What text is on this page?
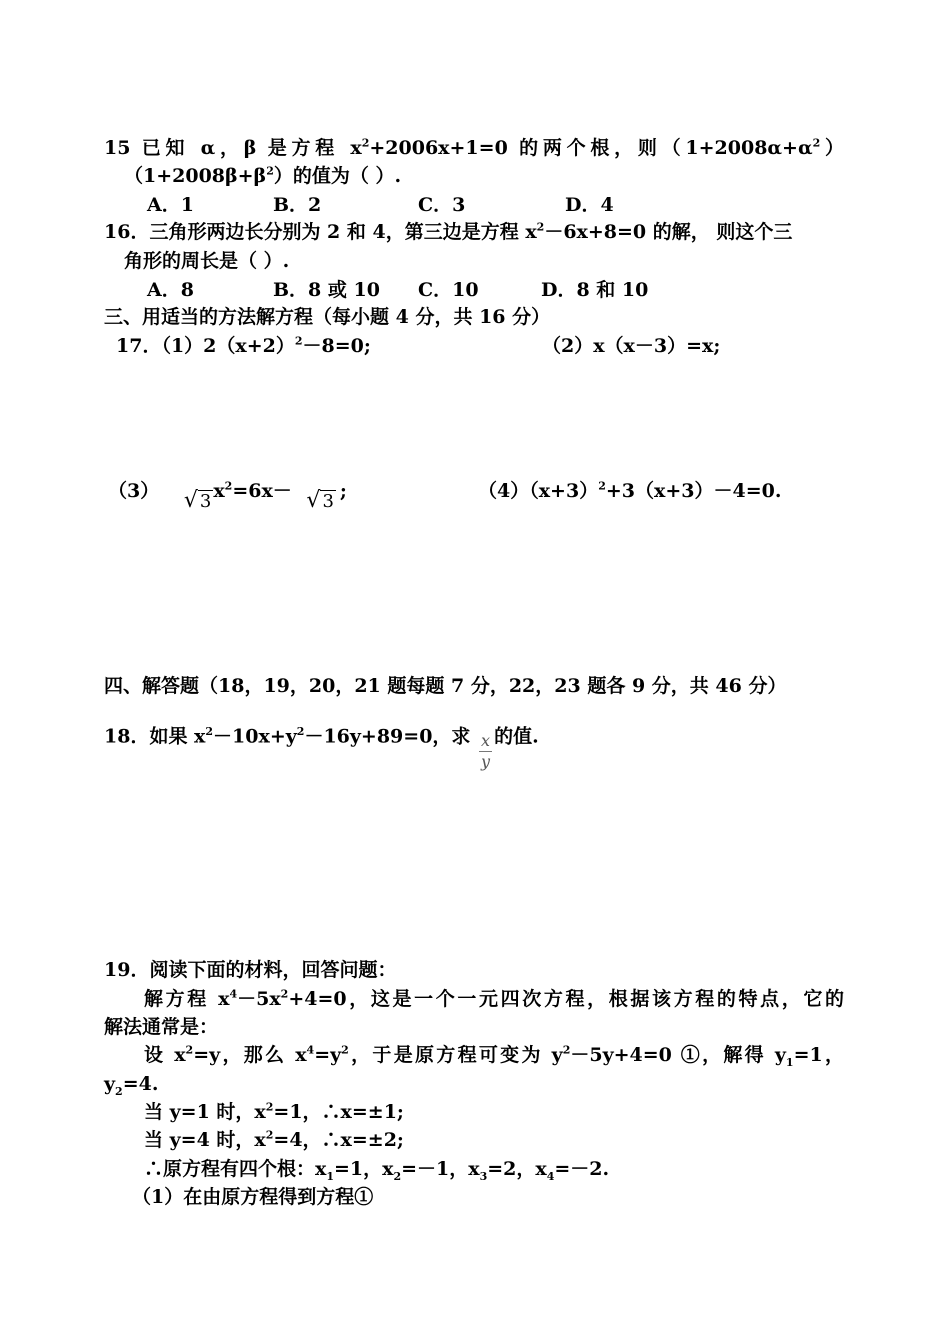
15 已知 α，β 是方程 $x^2+2006x+1=0$ 的两个根，则$(1+2008\alpha+\alpha^2)$
$(1+2008\beta+\beta^2)$的值为（ ）.
A．1	B．2	C．3	D．4
16．三角形两边长分别为 2 和 4，第三边是方程 $x^2-6x+8=0$ 的解， 则这个三
角形的周长是（ ）.
A．8	B．8 或 10 C．10	D．8 和 10
三、用适当的方法解方程（每小题 4 分，共 16 分）
17．$(1)2(x+2)^2-8=0$;	（2）x（x－3）=x;
（3） √ 3 $x^2=6x-$ √ 3 ;	$(4)(x+3)^2+3(x+3)-4=0$.
四、解答题（18，19，20，21 题每题 7 分，22，23 题各 9 分，共 46 分）
18．如果 $x^2-10x+y^2-16y+89=0$，求 $\frac{x}{y}$ 的值.
19．阅读下面的材料，回答问题：
解方程 $x^4-5x^2+4=0$，这是一个一元四次方程，根据该方程的特点，它的
解法通常是：
设 $x^2=y$，那么 $x^4=y^2$，于是原方程可变为 $y^2-5y+4=0$ ①，解得 $y_1=1$，
$y_2=4$.
当 y=1 时，$x^2=1$，∴x=±1;
当 y=4 时，$x^2=4$，∴x=±2;
∴原方程有四个根：$x_1=1$，$x_2=-1$，$x_3=2$，$x_4=-2$.
（1）在由原方程得到方程①
